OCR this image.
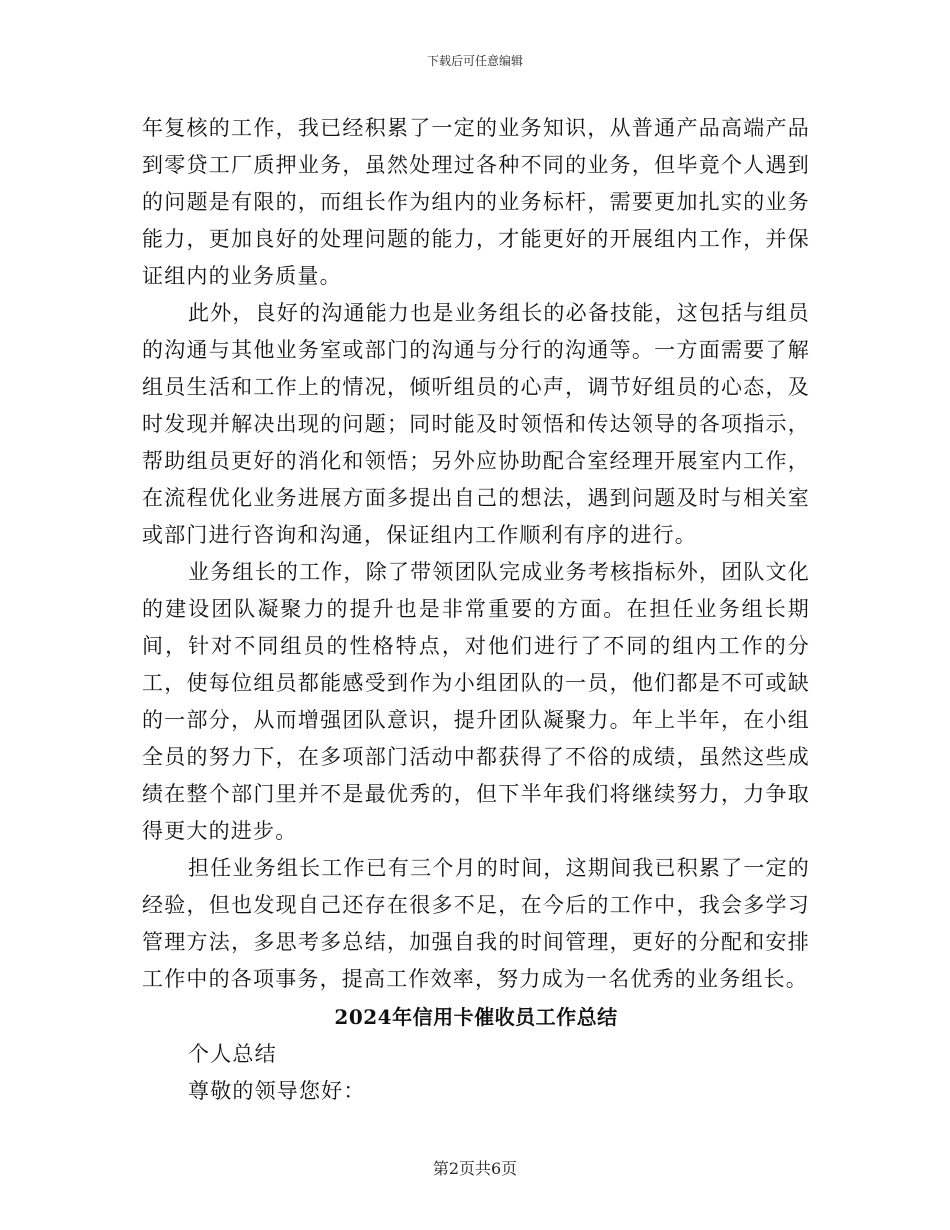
下载后可任意编辑

年复核的工作，我已经积累了一定的业务知识，从普通产品高端产品到零贷工厂质押业务，虽然处理过各种不同的业务，但毕竟个人遇到的问题是有限的，而组长作为组内的业务标杆，需要更加扎实的业务能力，更加良好的处理问题的能力，才能更好的开展组内工作，并保证组内的业务质量。

此外，良好的沟通能力也是业务组长的必备技能，这包括与组员的沟通与其他业务室或部门的沟通与分行的沟通等。一方面需要了解组员生活和工作上的情况，倾听组员的心声，调节好组员的心态，及时发现并解决出现的问题；同时能及时领悟和传达领导的各项指示，帮助组员更好的消化和领悟；另外应协助配合室经理开展室内工作，在流程优化业务进展方面多提出自己的想法，遇到问题及时与相关室或部门进行咨询和沟通，保证组内工作顺利有序的进行。

业务组长的工作，除了带领团队完成业务考核指标外，团队文化的建设团队凝聚力的提升也是非常重要的方面。在担任业务组长期间，针对不同组员的性格特点，对他们进行了不同的组内工作的分工，使每位组员都能感受到作为小组团队的一员，他们都是不可或缺的一部分，从而增强团队意识，提升团队凝聚力。年上半年，在小组全员的努力下，在多项部门活动中都获得了不俗的成绩，虽然这些成绩在整个部门里并不是最优秀的，但下半年我们将继续努力，力争取得更大的进步。

担任业务组长工作已有三个月的时间，这期间我已积累了一定的经验，但也发现自己还存在很多不足，在今后的工作中，我会多学习管理方法，多思考多总结，加强自我的时间管理，更好的分配和安排工作中的各项事务，提高工作效率，努力成为一名优秀的业务组长。

2024年信用卡催收员工作总结

个人总结

尊敬的领导您好：

第2页共6页
